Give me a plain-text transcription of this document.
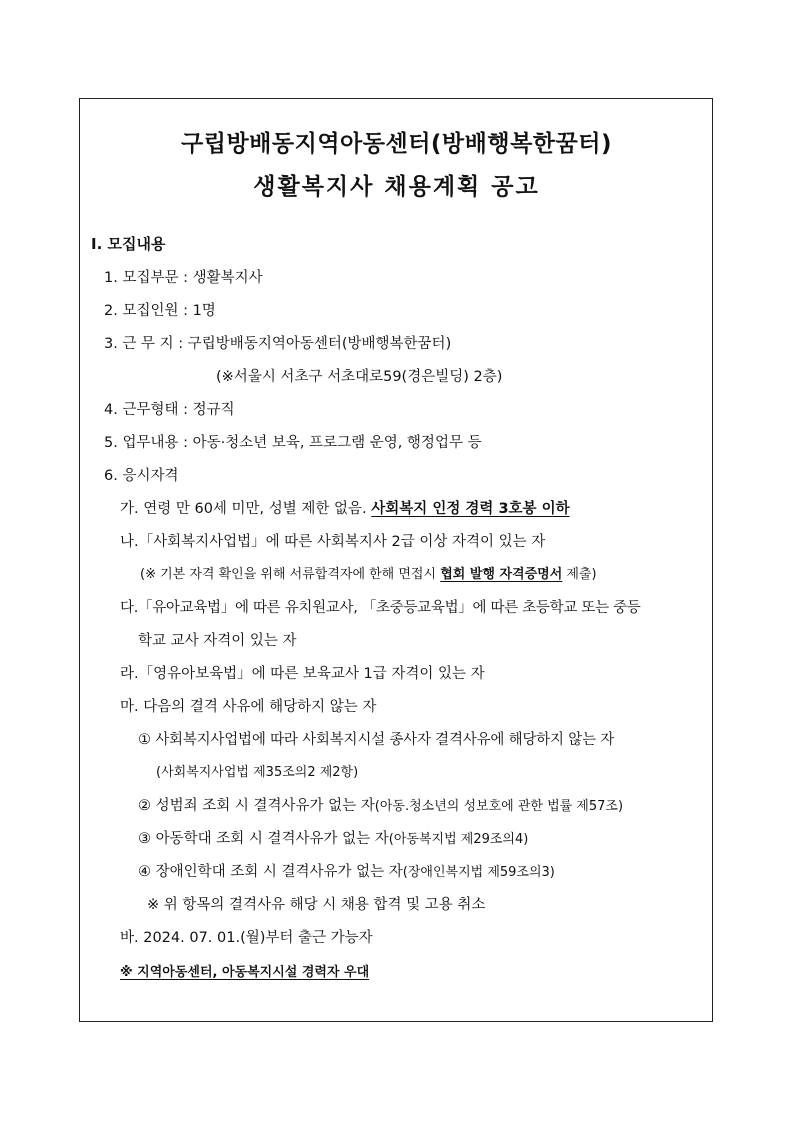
구립방배동지역아동센터(방배행복한꿈터)
생활복지사 채용계획 공고
Ⅰ. 모집내용
1. 모집부문 : 생활복지사
2. 모집인원 : 1명
3. 근 무 지 : 구립방배동지역아동센터(방배행복한꿈터)
(※서울시 서초구 서초대로59(경은빌딩) 2층)
4. 근무형태 : 정규직
5. 업무내용 : 아동·청소년 보육, 프로그램 운영, 행정업무 등
6. 응시자격
가. 연령 만 60세 미만, 성별 제한 없음. 사회복지 인정 경력 3호봉 이하
나.「사회복지사업법」에 따른 사회복지사 2급 이상 자격이 있는 자
(※ 기본 자격 확인을 위해 서류합격자에 한해 면접시 협회 발행 자격증명서 제출)
다.「유아교육법」에 따른 유치원교사, 「초중등교육법」에 따른 초등학교 또는 중등
학교 교사 자격이 있는 자
라.「영유아보육법」에 따른 보육교사 1급 자격이 있는 자
마. 다음의 결격 사유에 해당하지 않는 자
① 사회복지사업법에 따라 사회복지시설 종사자 결격사유에 해당하지 않는 자
(사회복지사업법 제35조의2 제2항)
② 성범죄 조회 시 결격사유가 없는 자(아동.청소년의 성보호에 관한 법률 제57조)
③ 아동학대 조회 시 결격사유가 없는 자(아동복지법 제29조의4)
④ 장애인학대 조회 시 결격사유가 없는 자(장애인복지법 제59조의3)
※ 위 항목의 결격사유 해당 시 채용 합격 및 고용 취소
바. 2024. 07. 01.(월)부터 출근 가능자
※ 지역아동센터, 아동복지시설 경력자 우대
